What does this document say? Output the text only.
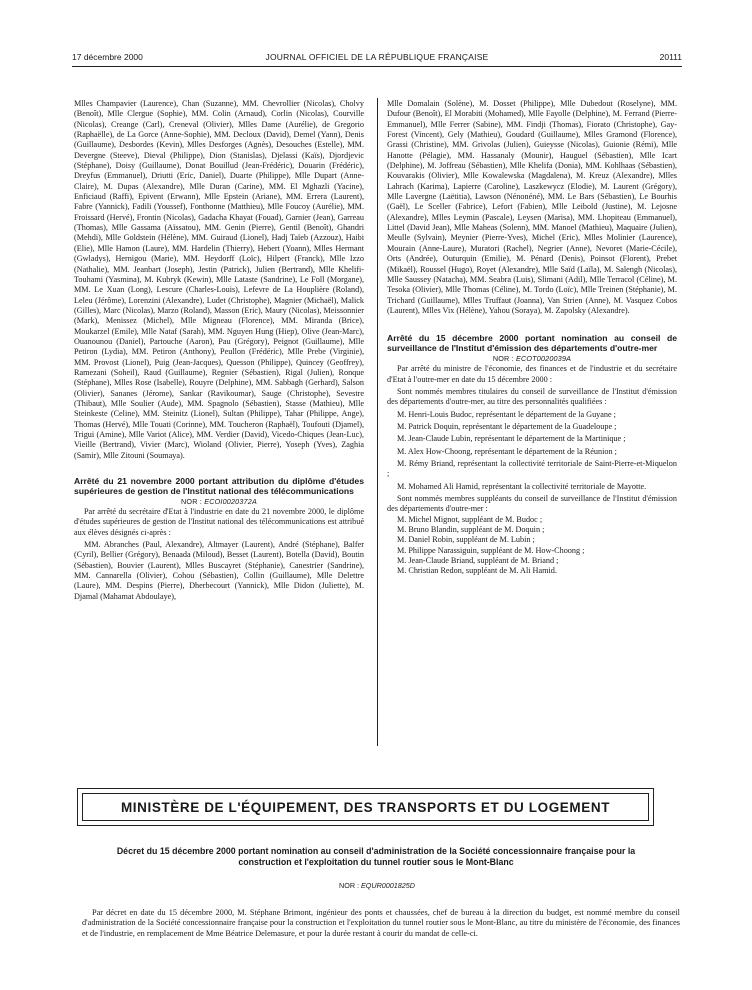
17 décembre 2000	JOURNAL OFFICIEL DE LA RÉPUBLIQUE FRANÇAISE	20111

Mlles Champavier (Laurence), Chan (Suzanne), MM. Chevrollier (Nicolas), Cholvy (Benoît), Mlle Clergue (Sophie), MM. Colin (Arnaud), Corlin (Nicolas), Courville (Nicolas), Creange (Carl), Creneval (Olivier), Mlles Dame (Aurélie), de Gregorio (Raphaëlle), de La Gorce (Anne-Sophie), MM. Decloux (David), Demel (Yann), Denis (Guillaume), Desbordes (Kevin), Mlles Desforges (Agnès), Desouches (Estelle), MM. Devergne (Steeve), Dieval (Philippe), Dion (Stanislas), Djelassi (Kaïs), Djordjevic (Stéphane), Doisy (Guillaume), Donat Bouillud (Jean-Frédéric), Douarin (Frédéric), Dreyfus (Emmanuel), Driutti (Eric, Daniel), Duarte (Philippe), Mlle Dupart (Anne-Claire), M. Dupas (Alexandre), Mlle Duran (Carine), MM. El Mghazli (Yacine), Enficiaud (Raffi), Epivent (Erwann), Mlle Epstein (Ariane), MM. Errera (Laurent), Fabre (Yannick), Fadili (Youssef), Fonthonne (Matthieu), Mlle Foucoy (Aurélie), MM. Froissard (Hervé), Frontin (Nicolas), Gadacha Khayat (Fouad), Garnier (Jean), Garreau (Thomas), Mlle Gassama (Aïssatou), MM. Genin (Pierre), Gentil (Benoît), Ghandri (Mehdi), Mlle Goldstein (Hélène), MM. Guiraud (Lionel), Hadj Taïeb (Azzouz), Haibi (Elie), Mlle Hamon (Laure), MM. Hardelin (Thierry), Hebert (Yoann), Mlles Hermant (Gwladys), Hernigou (Marie), MM. Heydorff (Loïc), Hilpert (Franck), Mlle Izzo (Nathalie), MM. Jeanbart (Joseph), Jestin (Patrick), Julien (Bertrand), Mlle Khelifi-Touhami (Yasmina), M. Kubryk (Kewin), Mlle Lataste (Sandrine), Le Foll (Morgane), MM. Le Xuan (Long), Lescure (Charles-Louis), Lefevre de La Houplière (Roland), Leleu (Jérôme), Lorenzini (Alexandre), Ludet (Christophe), Magnier (Michaël), Malick (Gilles), Marc (Nicolas), Marzo (Roland), Masson (Eric), Maury (Nicolas), Meissonnier (Mark), Menissez (Michel), Mlle Migneau (Florence), MM. Miranda (Brice), Moukarzel (Emile), Mlle Nataf (Sarah), MM. Nguyen Hung (Hiep), Olive (Jean-Marc), Ouanounou (Daniel), Partouche (Aaron), Pau (Grégory), Peignot (Guillaume), Mlle Petiron (Lydia), MM. Petiron (Anthony), Peullon (Frédéric), Mlle Prebe (Virginie), MM. Provost (Lionel), Puig (Jean-Jacques), Quesson (Philippe), Quincey (Geoffrey), Ramezani (Soheil), Raud (Guillaume), Regnier (Sébastien), Rigal (Julien), Ronque (Stéphane), Mlles Rose (Isabelle), Rouyre (Delphine), MM. Sabbagh (Gerhard), Salson (Olivier), Sananes (Jérome), Sankar (Ravikoumar), Sauge (Christophe), Sevestre (Thibaut), Mlle Soulier (Aude), MM. Spagnolo (Sébastien), Stasse (Mathieu), Mlle Steinkeste (Celine), MM. Steinitz (Lionel), Sultan (Philippe), Tahar (Philippe, Ange), Thomas (Hervé), Mlle Touati (Corinne), MM. Toucheron (Raphaël), Toufouti (Djamel), Trigui (Amine), Mlle Variot (Alice), MM. Verdier (David), Vicedo-Chiques (Jean-Luc), Vieille (Bertrand), Vivier (Marc), Wioland (Olivier, Pierre), Yoseph (Yves), Zaghia (Samir), Mlle Zitouni (Soumaya).

Arrêté du 21 novembre 2000 portant attribution du diplôme d'études supérieures de gestion de l'Institut national des télécommunications

NOR : ECOI0020372A

Par arrêté du secrétaire d'Etat à l'industrie en date du 21 novembre 2000, le diplôme d'études supérieures de gestion de l'Institut national des télécommunications est attribué aux élèves désignés ci-après :

MM. Abranches (Paul, Alexandre), Altmayer (Laurent), André (Stéphane), Balfer (Cyril), Bellier (Grégory), Benaada (Miloud), Besset (Laurent), Botella (David), Boutin (Sébastien), Bouvier (Laurent), Mlles Buscayret (Stéphanie), Canestrier (Sandrine), MM. Cannarella (Olivier), Cohou (Sébastien), Collin (Guillaume), Mlle Delettre (Laure), MM. Despins (Pierre), Dherbecourt (Yannick), Mlle Didon (Juliette), M. Djamal (Mahamat Abdoulaye),

Mlle Domalain (Solène), M. Dosset (Philippe), Mlle Dubedout (Roselyne), MM. Dufour (Benoît), El Morabiti (Mohamed), Mlle Fayolle (Delphine), M. Ferrand (Pierre-Emmanuel), Mlle Ferrer (Sabine), MM. Findji (Thomas), Fiorato (Christophe), Gay-Forest (Vincent), Gely (Mathieu), Goudard (Guillaume), Mlles Gramond (Florence), Grassi (Christine), MM. Grivolas (Julien), Guieysse (Nicolas), Guionie (Rémi), Mlle Hanotte (Pélagie), MM. Hassanaly (Mounir), Hauguel (Sébastien), Mlle Icart (Delphine), M. Joffreau (Sébastien), Mlle Khelifa (Donia), MM. Kohlhaas (Sébastien), Kouvarakis (Olivier), Mlle Kowalewska (Magdalena), M. Kreuz (Alexandre), Mlles Lahrach (Karima), Lapierre (Caroline), Laszkewycz (Elodie), M. Laurent (Grégory), Mlle Lavergne (Laëtitia), Lawson (Nénonéné), MM. Le Bars (Sébastien), Le Bourhis (Gaël), Le Sceller (Fabrice), Lefort (Fabien), Mlle Leibold (Justine), M. Lejosne (Alexandre), Mlles Leymin (Pascale), Leysen (Marisa), MM. Lhopiteau (Emmanuel), Littel (David Jean), Mlle Maheas (Solenn), MM. Manoel (Mathieu), Maquaire (Julien), Meulle (Sylvain), Meynier (Pierre-Yves), Michel (Eric), Mlles Molinier (Laurence), Mourain (Anne-Laure), Muratori (Rachel), Negrier (Anne), Nevoret (Marie-Cécile), Orts (Andrée), Outurquin (Emilie), M. Pénard (Denis), Poinsot (Florent), Prebet (Mikaël), Roussel (Hugo), Royet (Alexandre), Mlle Saïd (Laïla), M. Salengh (Nicolas), Mlle Saussey (Natacha), MM. Seabra (Luis), Slimani (Adil), Mlle Terracol (Céline), M. Tesoka (Olivier), Mlle Thomas (Céline), M. Tordo (Loïc), Mlle Treinen (Stéphanie), M. Trichard (Guillaume), Mlles Truffaut (Joanna), Van Strien (Anne), M. Vasquez Cobos (Laurent), Mlles Vix (Hélène), Yahou (Soraya), M. Zapolsky (Alexandre).

Arrêté du 15 décembre 2000 portant nomination au conseil de surveillance de l'Institut d'émission des départements d'outre-mer

NOR : ECOT0020039A

Par arrêté du ministre de l'économie, des finances et de l'industrie et du secrétaire d'Etat à l'outre-mer en date du 15 décembre 2000 :

Sont nommés membres titulaires du conseil de surveillance de l'Institut d'émission des départements d'outre-mer, au titre des personnalités qualifiées :

M. Henri-Louis Budoc, représentant le département de la Guyane ;

M. Patrick Doquin, représentant le département de la Guadeloupe ;

M. Jean-Claude Lubin, représentant le département de la Martinique ;

M. Alex How-Choong, représentant le département de la Réunion ;

M. Rémy Briand, représentant la collectivité territoriale de Saint-Pierre-et-Miquelon ;

M. Mohamed Ali Hamid, représentant la collectivité territoriale de Mayotte.

Sont nommés membres suppléants du conseil de surveillance de l'Institut d'émission des départements d'outre-mer :

M. Michel Mignot, suppléant de M. Budoc ;

M. Bruno Blandin, suppléant de M. Doquin ;

M. Daniel Robin, suppléant de M. Lubin ;

M. Philippe Narassiguin, suppléant de M. How-Choong ;

M. Jean-Claude Briand, suppléant de M. Briand ;

M. Christian Redon, suppléant de M. Ali Hamid.

MINISTÈRE DE L'ÉQUIPEMENT, DES TRANSPORTS ET DU LOGEMENT
Décret du 15 décembre 2000 portant nomination au conseil d'administration de la Société concessionnaire française pour la construction et l'exploitation du tunnel routier sous le Mont-Blanc
NOR : EQUR0001825D
Par décret en date du 15 décembre 2000, M. Stéphane Brimont, ingénieur des ponts et chaussées, chef de bureau à la direction du budget, est nommé membre du conseil d'administration de la Société concessionnaire française pour la construction et l'exploitation du tunnel routier sous le Mont-Blanc, au titre du ministère de l'économie, des finances et de l'industrie, en remplacement de Mme Béatrice Delemasure, et pour la durée restant à courir du mandat de celle-ci.
